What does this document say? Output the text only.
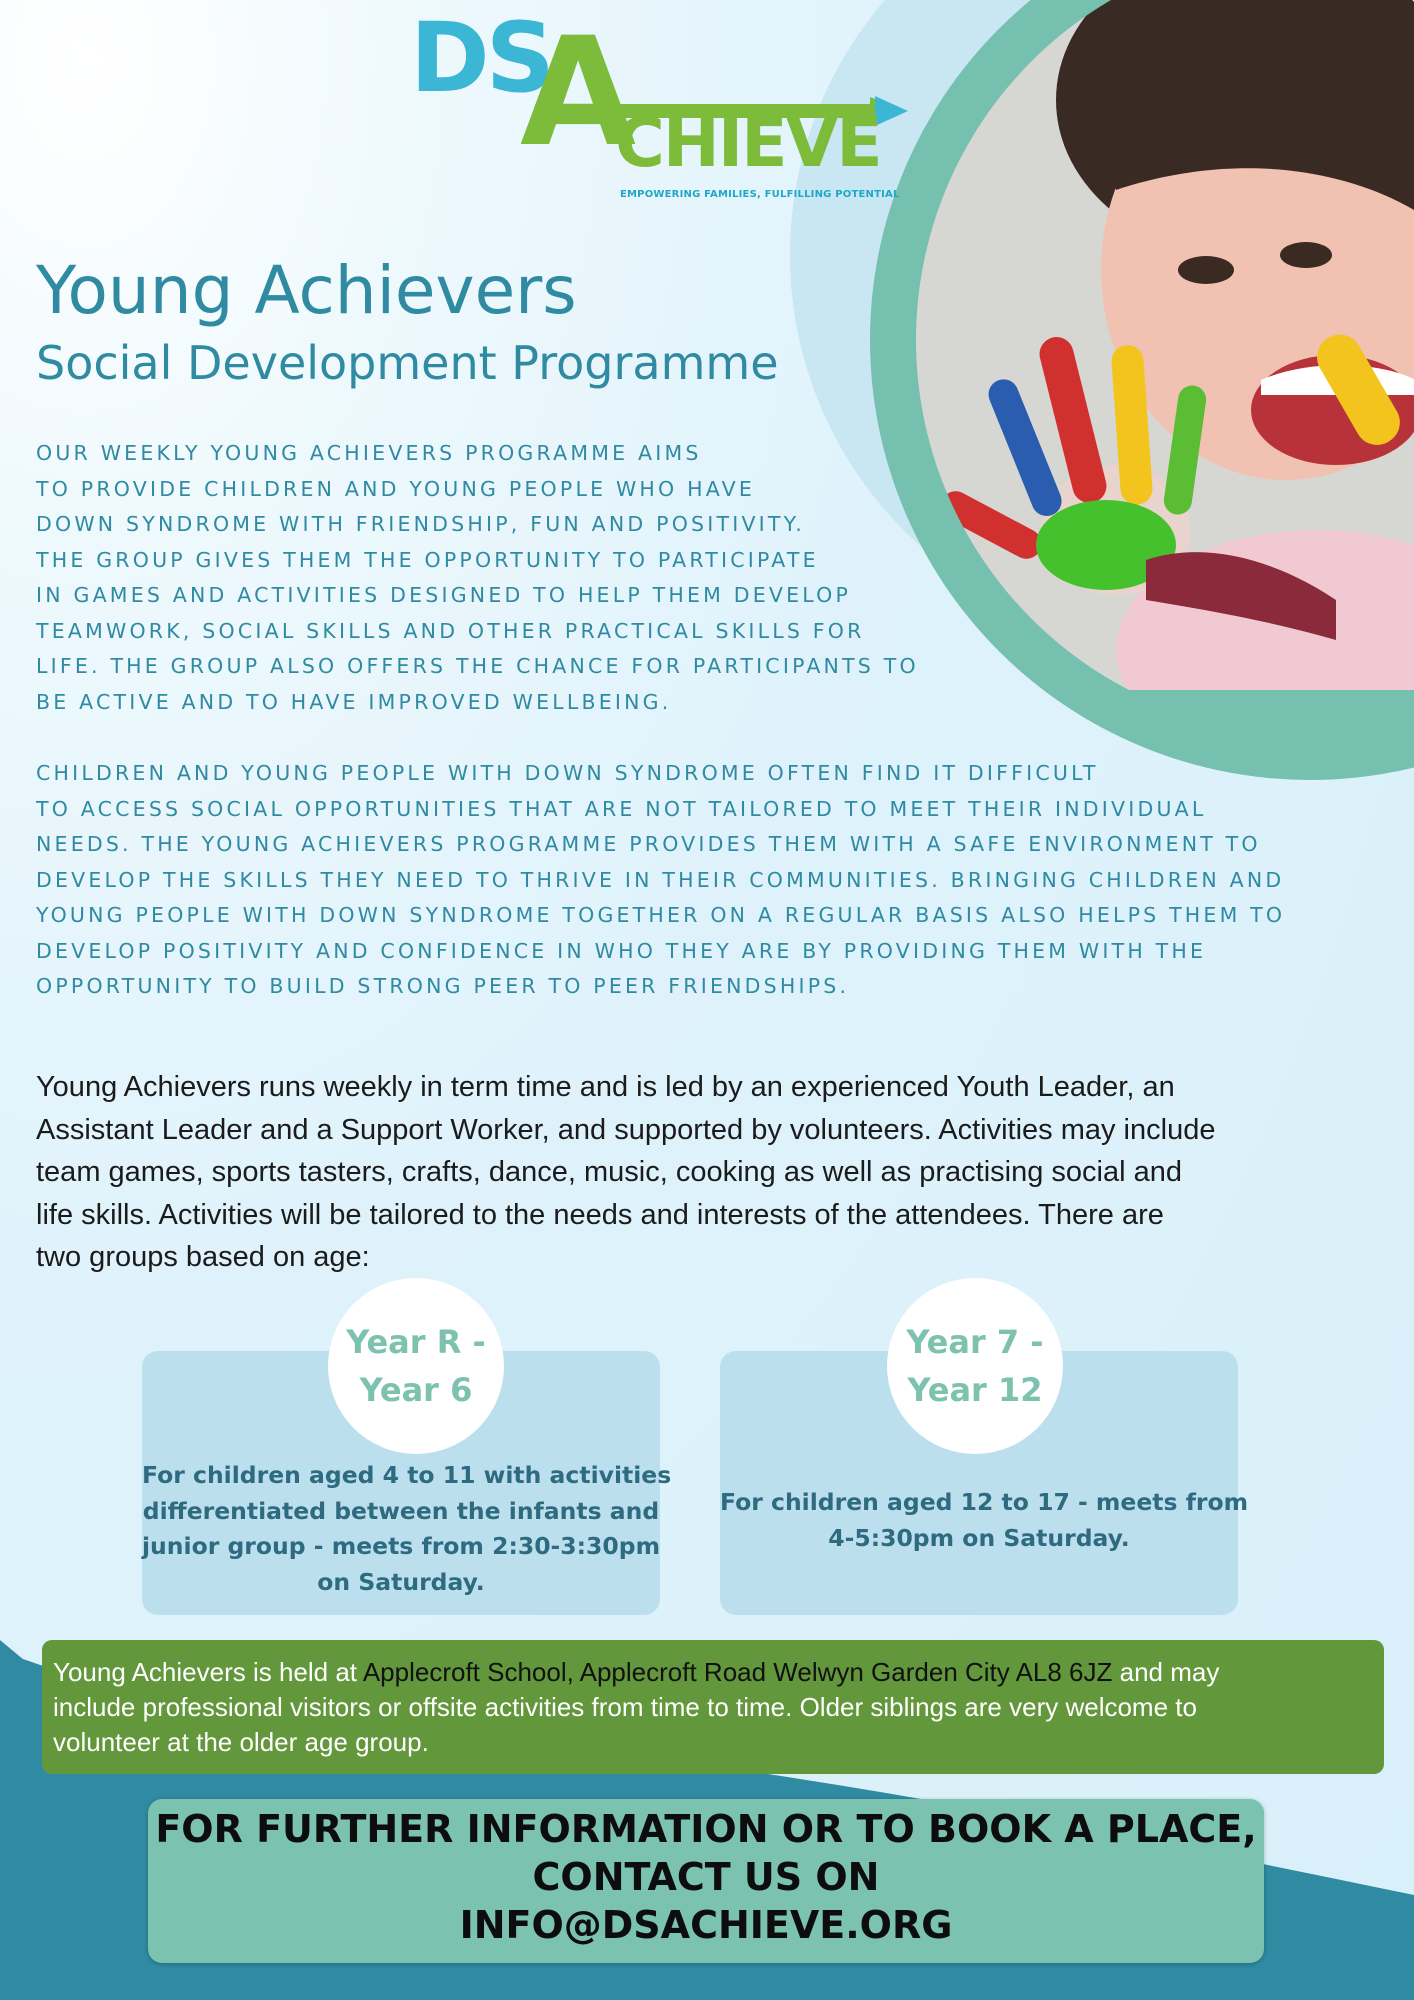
DS
A
CHIEVE
EMPOWERING FAMILIES, FULFILLING POTENTIAL
Young Achievers
Social Development Programme
OUR WEEKLY YOUNG ACHIEVERS PROGRAMME AIMS
TO PROVIDE CHILDREN AND YOUNG PEOPLE WHO HAVE
DOWN SYNDROME WITH FRIENDSHIP, FUN AND POSITIVITY.
THE GROUP GIVES THEM THE OPPORTUNITY TO PARTICIPATE
IN GAMES AND ACTIVITIES DESIGNED TO HELP THEM DEVELOP
TEAMWORK, SOCIAL SKILLS AND OTHER PRACTICAL SKILLS FOR
LIFE. THE GROUP ALSO OFFERS THE CHANCE FOR PARTICIPANTS TO
BE ACTIVE AND TO HAVE IMPROVED WELLBEING.
CHILDREN AND YOUNG PEOPLE WITH DOWN SYNDROME OFTEN FIND IT DIFFICULT
TO ACCESS SOCIAL OPPORTUNITIES THAT ARE NOT TAILORED TO MEET THEIR INDIVIDUAL
NEEDS. THE YOUNG ACHIEVERS PROGRAMME PROVIDES THEM WITH A SAFE ENVIRONMENT TO
DEVELOP THE SKILLS THEY NEED TO THRIVE IN THEIR COMMUNITIES. BRINGING CHILDREN AND
YOUNG PEOPLE WITH DOWN SYNDROME TOGETHER ON A REGULAR BASIS ALSO HELPS THEM TO
DEVELOP POSITIVITY AND CONFIDENCE IN WHO THEY ARE BY PROVIDING THEM WITH THE
OPPORTUNITY TO BUILD STRONG PEER TO PEER FRIENDSHIPS.
Young Achievers runs weekly in term time and is led by an experienced Youth Leader, an
Assistant Leader and a Support Worker, and supported by volunteers. Activities may include
team games, sports tasters, crafts, dance, music, cooking as well as practising social and
life skills. Activities will be tailored to the needs and interests of the attendees. There are
two groups based on age:
Year R -
Year 6
For children aged 4 to 11 with activities
differentiated between the infants and
junior group - meets from 2:30-3:30pm
on Saturday.
Year 7 -
Year 12
For children aged 12 to 17 - meets from
4-5:30pm on Saturday.
Young Achievers is held at Applecroft School, Applecroft Road Welwyn Garden City AL8 6JZ and may
include professional visitors or offsite activities from time to time. Older siblings are very welcome to
volunteer at the older age group.
FOR FURTHER INFORMATION OR TO BOOK A PLACE,
CONTACT US ON
INFO@DSACHIEVE.ORG
